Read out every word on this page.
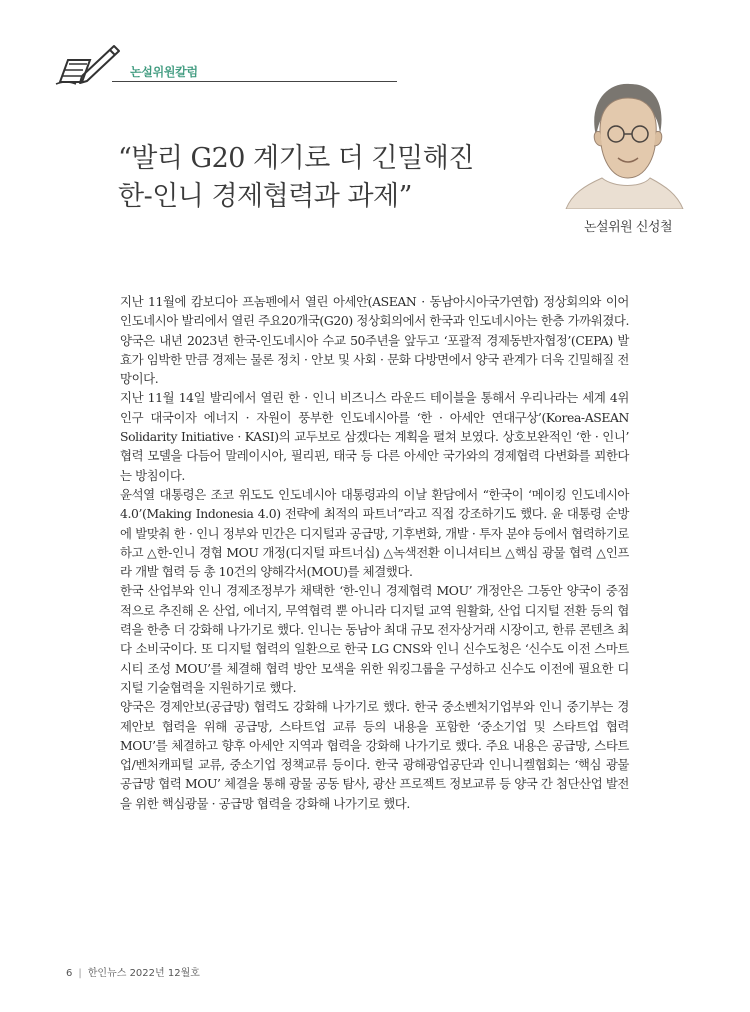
논설위원칼럼
“발리 G20 계기로 더 긴밀해진
한-인니 경제협력과 과제”
논설위원 신성철

지난 11월에 캄보디아 프놈펜에서 열린 아세안(ASEAN · 동남아시아국가연합) 정상회의와 이어 인도네시아 발리에서 열린 주요20개국(G20) 정상회의에서 한국과 인도네시아는 한층 가까워졌다. 양국은 내년 2023년 한국-인도네시아 수교 50주년을 앞두고 ‘포괄적 경제동반자협정’(CEPA) 발효가 임박한 만큼 경제는 물론 정치 · 안보 및 사회 · 문화 다방면에서 양국 관계가 더욱 긴밀해질 전망이다.

지난 11월 14일 발리에서 열린 한 · 인니 비즈니스 라운드 테이블을 통해서 우리나라는 세계 4위 인구 대국이자 에너지 · 자원이 풍부한 인도네시아를 ‘한 · 아세안 연대구상’(Korea-ASEAN Solidarity Initiative · KASI)의 교두보로 삼겠다는 계획을 펼쳐 보였다. 상호보완적인 ‘한 · 인니’ 협력 모델을 다듬어 말레이시아, 필리핀, 태국 등 다른 아세안 국가와의 경제협력 다변화를 꾀한다는 방침이다.

윤석열 대통령은 조코 위도도 인도네시아 대통령과의 이날 환담에서 “한국이 ‘메이킹 인도네시아 4.0’(Making Indonesia 4.0) 전략에 최적의 파트너”라고 직접 강조하기도 했다. 윤 대통령 순방에 발맞춰 한 · 인니 정부와 민간은 디지털과 공급망, 기후변화, 개발 · 투자 분야 등에서 협력하기로 하고 △한-인니 경협 MOU 개정(디지털 파트너십) △녹색전환 이니셔티브 △핵심 광물 협력 △인프라 개발 협력 등 총 10건의 양해각서(MOU)를 체결했다.

한국 산업부와 인니 경제조정부가 채택한 ‘한-인니 경제협력 MOU’ 개정안은 그동안 양국이 중점적으로 추진해 온 산업, 에너지, 무역협력 뿐 아니라 디지털 교역 원활화, 산업 디지털 전환 등의 협력을 한층 더 강화해 나가기로 했다. 인니는 동남아 최대 규모 전자상거래 시장이고, 한류 콘텐츠 최다 소비국이다. 또 디지털 협력의 일환으로 한국 LG CNS와 인니 신수도청은 ‘신수도 이전 스마트시티 조성 MOU’를 체결해 협력 방안 모색을 위한 워킹그룹을 구성하고 신수도 이전에 필요한 디지털 기술협력을 지원하기로 했다.

양국은 경제안보(공급망) 협력도 강화해 나가기로 했다. 한국 중소벤처기업부와 인니 중기부는 경제안보 협력을 위해 공급망, 스타트업 교류 등의 내용을 포함한 ‘중소기업 및 스타트업 협력 MOU’를 체결하고 향후 아세안 지역과 협력을 강화해 나가기로 했다. 주요 내용은 공급망, 스타트업/벤처캐피털 교류, 중소기업 정책교류 등이다. 한국 광해광업공단과 인니니켈협회는 ‘핵심 광물 공급망 협력 MOU’ 체결을 통해 광물 공동 탐사, 광산 프로젝트 정보교류 등 양국 간 첨단산업 발전을 위한 핵심광물 · 공급망 협력을 강화해 나가기로 했다.

6 | 한인뉴스 2022년 12월호
